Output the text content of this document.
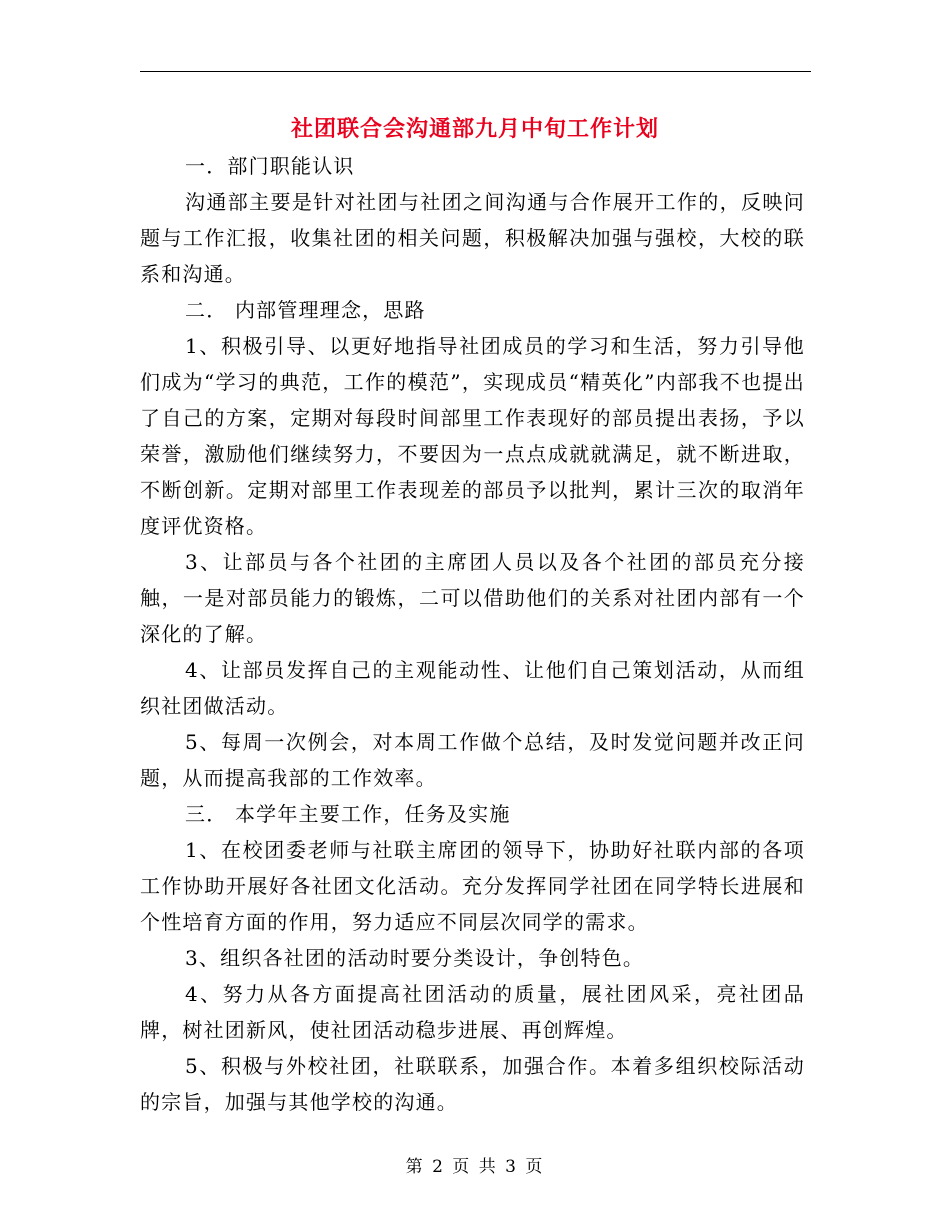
社团联合会沟通部九月中旬工作计划

一．部门职能认识

沟通部主要是针对社团与社团之间沟通与合作展开工作的，反映问题与工作汇报，收集社团的相关问题，积极解决加强与强校，大校的联系和沟通。

二． 内部管理理念，思路

1、积极引导、以更好地指导社团成员的学习和生活，努力引导他们成为“学习的典范，工作的模范”，实现成员“精英化”内部我不也提出了自己的方案，定期对每段时间部里工作表现好的部员提出表扬，予以荣誉，激励他们继续努力，不要因为一点点成就就满足，就不断进取，不断创新。定期对部里工作表现差的部员予以批判，累计三次的取消年度评优资格。

3、让部员与各个社团的主席团人员以及各个社团的部员充分接触，一是对部员能力的锻炼，二可以借助他们的关系对社团内部有一个深化的了解。

4、让部员发挥自己的主观能动性、让他们自己策划活动，从而组织社团做活动。

5、每周一次例会，对本周工作做个总结，及时发觉问题并改正问题，从而提高我部的工作效率。

三． 本学年主要工作，任务及实施

1、在校团委老师与社联主席团的领导下，协助好社联内部的各项工作协助开展好各社团文化活动。充分发挥同学社团在同学特长进展和个性培育方面的作用，努力适应不同层次同学的需求。

3、组织各社团的活动时要分类设计，争创特色。

4、努力从各方面提高社团活动的质量，展社团风采，亮社团品牌，树社团新风，使社团活动稳步进展、再创辉煌。

5、积极与外校社团，社联联系，加强合作。本着多组织校际活动的宗旨，加强与其他学校的沟通。

第 2 页 共 3 页
